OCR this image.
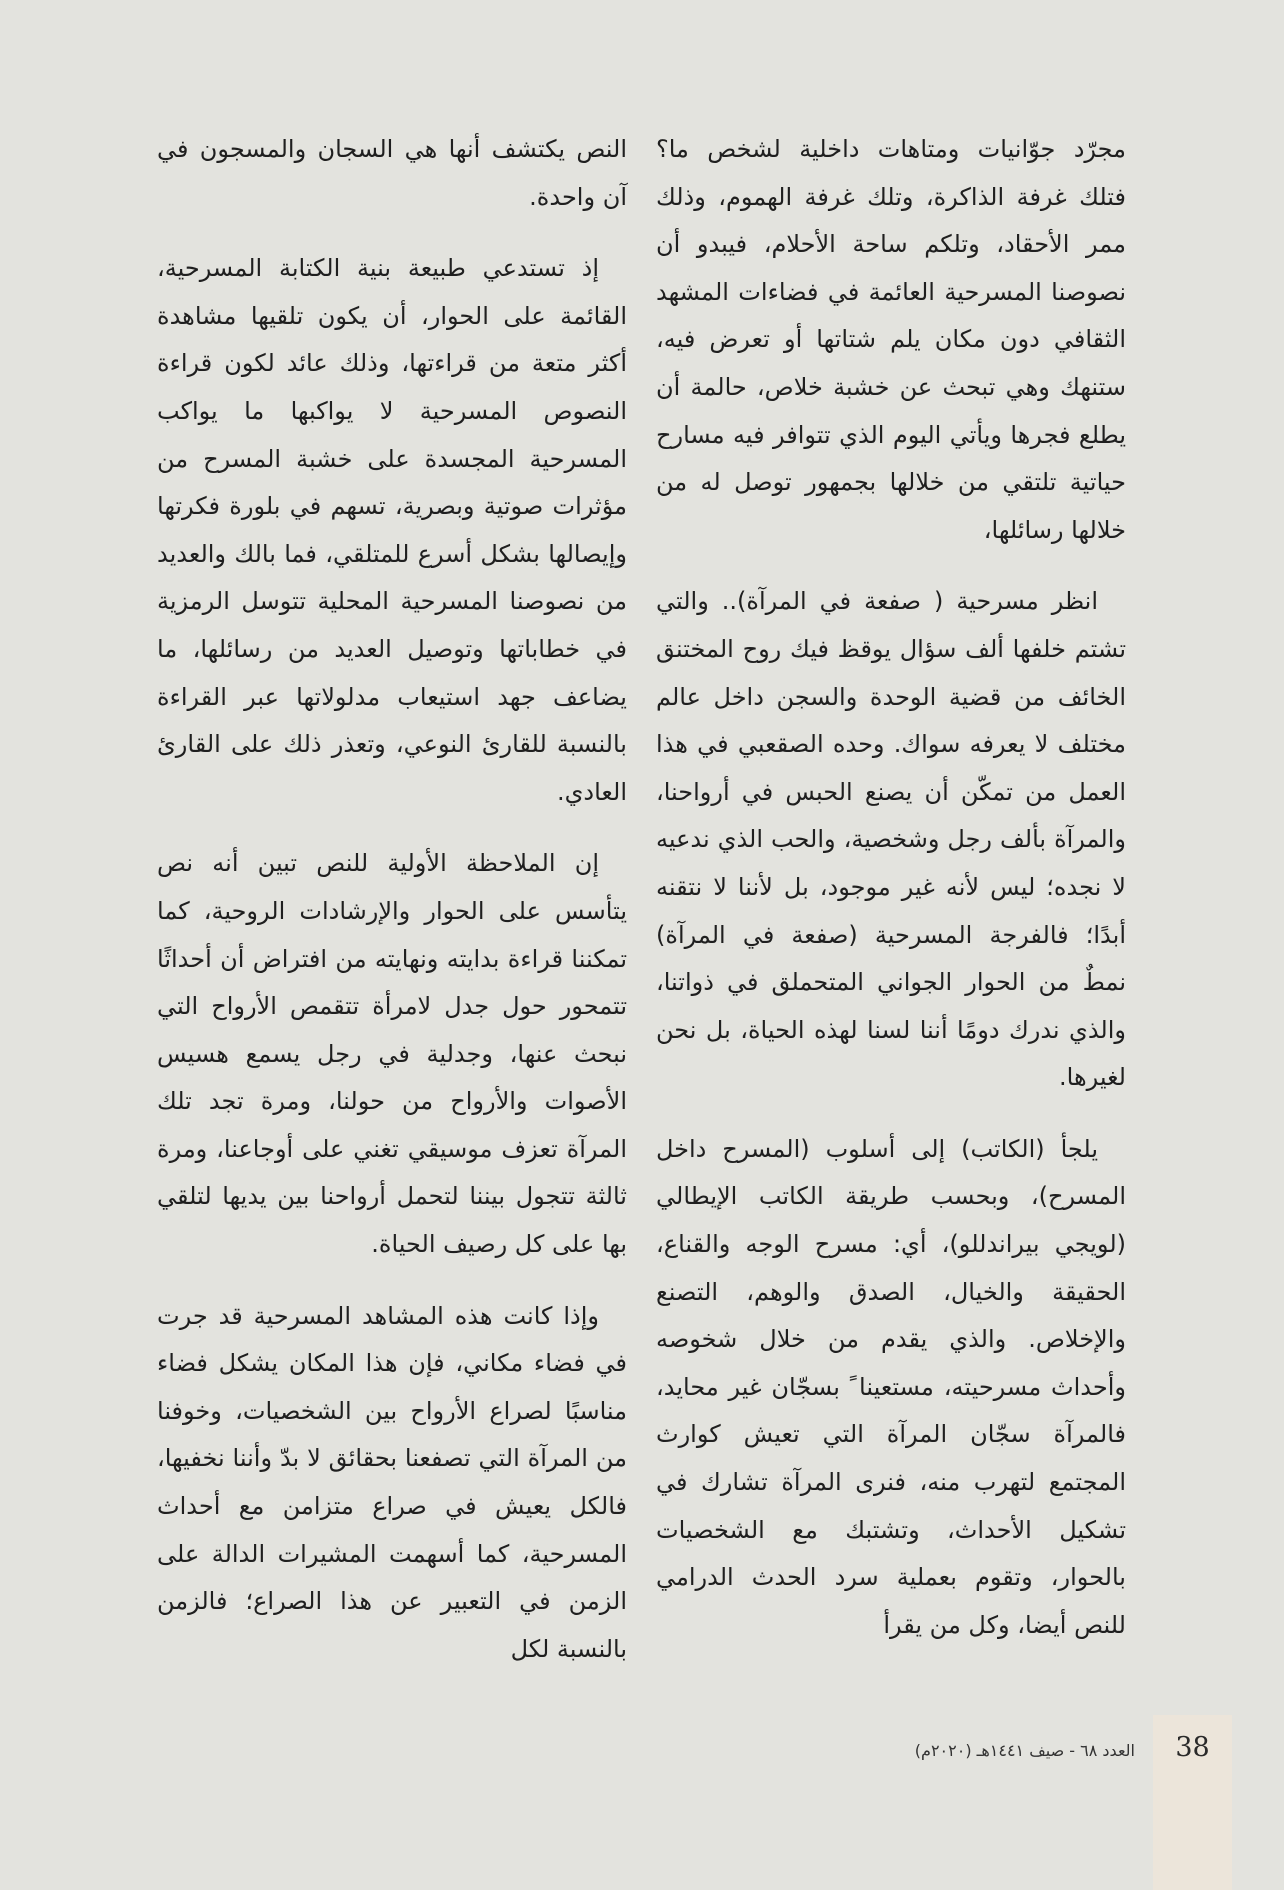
مجرّد جوّانيات ومتاهات داخلية لشخص ما؟ فتلك غرفة الذاكرة، وتلك غرفة الهموم، وذلك ممر الأحقاد، وتلكم ساحة الأحلام، فيبدو أن نصوصنا المسرحية العائمة في فضاءات المشهد الثقافي دون مكان يلم شتاتها أو تعرض فيه، ستنهك وهي تبحث عن خشبة خلاص، حالمة أن يطلع فجرها ويأتي اليوم الذي تتوافر فيه مسارح حياتية تلتقي من خلالها بجمهور توصل له من خلالها رسائلها،

انظر مسرحية ( صفعة في المرآة).. والتي تشتم خلفها ألف سؤال يوقظ فيك روح المختنق الخائف من قضية الوحدة والسجن داخل عالم مختلف لا يعرفه سواك. وحده الصقعبي في هذا العمل من تمكّن أن يصنع الحبس في أرواحنا، والمرآة بألف رجل وشخصية، والحب الذي ندعيه لا نجده؛ ليس لأنه غير موجود، بل لأننا لا نتقنه أبدًا؛ فالفرجة المسرحية (صفعة في المرآة) نمطٌ من الحوار الجواني المتحملق في ذواتنا، والذي ندرك دومًا أننا لسنا لهذه الحياة، بل نحن لغيرها.

يلجأ (الكاتب) إلى أسلوب (المسرح داخل المسرح)، وبحسب طريقة الكاتب الإيطالي (لويجي بيراندللو)، أي: مسرح الوجه والقناع، الحقيقة والخيال، الصدق والوهم، التصنع والإخلاص. والذي يقدم من خلال شخوصه وأحداث مسرحيته، مستعينا ً بسجّان غير محايد، فالمرآة سجّان المرآة التي تعيش كوارث المجتمع لتهرب منه، فنرى المرآة تشارك في تشكيل الأحداث، وتشتبك مع الشخصيات بالحوار، وتقوم بعملية سرد الحدث الدرامي للنص أيضا، وكل من يقرأ

النص يكتشف أنها هي السجان والمسجون في آن واحدة.

إذ تستدعي طبيعة بنية الكتابة المسرحية، القائمة على الحوار، أن يكون تلقيها مشاهدة أكثر متعة من قراءتها، وذلك عائد لكون قراءة النصوص المسرحية لا يواكبها ما يواكب المسرحية المجسدة على خشبة المسرح من مؤثرات صوتية وبصرية، تسهم في بلورة فكرتها وإيصالها بشكل أسرع للمتلقي، فما بالك والعديد من نصوصنا المسرحية المحلية تتوسل الرمزية في خطاباتها وتوصيل العديد من رسائلها، ما يضاعف جهد استيعاب مدلولاتها عبر القراءة بالنسبة للقارئ النوعي، وتعذر ذلك على القارئ العادي.

إن الملاحظة الأولية للنص تبين أنه نص يتأسس على الحوار والإرشادات الروحية، كما تمكننا قراءة بدايته ونهايته من افتراض أن أحداثًا تتمحور حول جدل لامرأة تتقمص الأرواح التي نبحث عنها، وجدلية في رجل يسمع هسيس الأصوات والأرواح من حولنا، ومرة تجد تلك المرآة تعزف موسيقي تغني على أوجاعنا، ومرة ثالثة تتجول بيننا لتحمل أرواحنا بين يديها لتلقي بها على كل رصيف الحياة.

وإذا كانت هذه المشاهد المسرحية قد جرت في فضاء مكاني، فإن هذا المكان يشكل فضاء مناسبًا لصراع الأرواح بين الشخصيات، وخوفنا من المرآة التي تصفعنا بحقائق لا بدّ وأننا نخفيها، فالكل يعيش في صراع متزامن مع أحداث المسرحية، كما أسهمت المشيرات الدالة على الزمن في التعبير عن هذا الصراع؛ فالزمن بالنسبة لكل

38
العدد ٦٨ - صيف ١٤٤١هـ (٢٠٢٠م)
